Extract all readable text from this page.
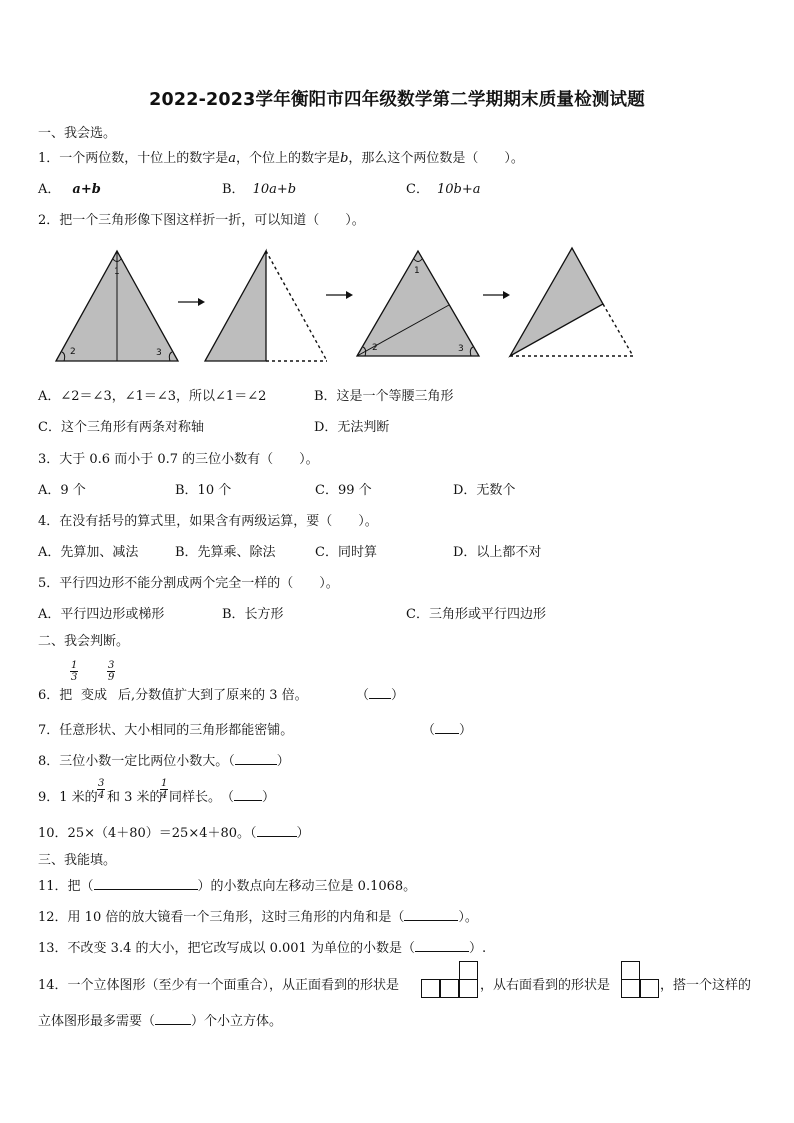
2022-2023学年衡阳市四年级数学第二学期期末质量检测试题
一、我会选。
1．一个两位数，十位上的数字是a，个位上的数字是b，那么这个两位数是（　　）。
A． a+b	B． 10a+b	C． 10b+a
2．把一个三角形像下图这样折一折，可以知道（　　）。
1
2	3
1
2	3
A．∠2＝∠3，∠1＝∠3，所以∠1＝∠2	B．这是一个等腰三角形
C．这个三角形有两条对称轴	D．无法判断
3．大于 0.6 而小于 0.7 的三位小数有（　　）。
A．9 个	B．10 个	C．99 个	D．无数个
4．在没有括号的算式里，如果含有两级运算，要（　　）。
A．先算加、减法	B．先算乘、除法	C．同时算	D．以上都不对
5．平行四边形不能分割成两个完全一样的（　　）。
A．平行四边形或梯形	B．长方形	C．三角形或平行四边形
二、我会判断。
6．把
$\frac{1}{3}$
变成
$\frac{3}{9}$
后,分数值扩大到了原来的 3 倍。	（ ）
7．任意形状、大小相同的三角形都能密铺。	（ ）
8．三位小数一定比两位小数大。（	）
9．1 米的 $\frac{3}{4}$ 和 3 米的
$\frac{1}{4}$ 同样长。　（ ）
10．25×（4＋80）＝25×4＋80。（	）
三、我能填。
11．把（	）的小数点向左移动三位是 0.1068。
12．用 10 倍的放大镜看一个三角形，这时三角形的内角和是（	）。
13．不改变 3.4 的大小，把它改写成以 0.001 为单位的小数是（	）.
14．一个立体图形（至少有一个面重合），从正面看到的形状是	，从右面看到的形状是	，搭一个这样的
立体图形最多需要（	）个小立方体。
